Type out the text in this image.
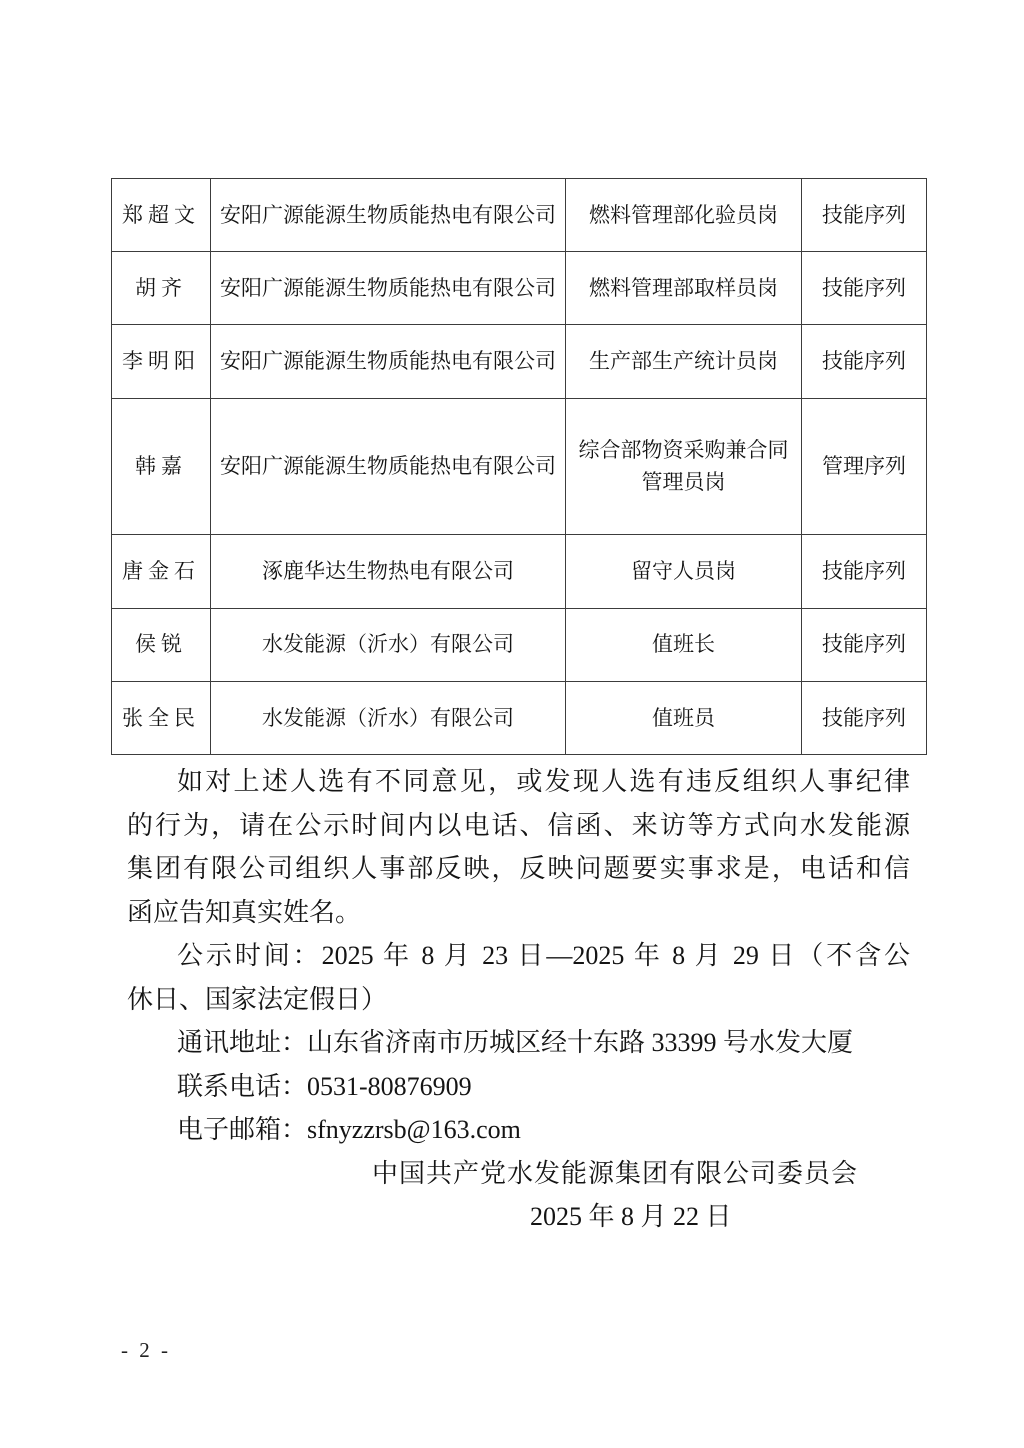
郑超文	安阳广源能源生物质能热电有限公司	燃料管理部化验员岗	技能序列
胡齐	安阳广源能源生物质能热电有限公司	燃料管理部取样员岗	技能序列
李明阳	安阳广源能源生物质能热电有限公司	生产部生产统计员岗	技能序列
韩嘉	安阳广源能源生物质能热电有限公司	综合部物资采购兼合同管理员岗	管理序列
唐金石	涿鹿华达生物热电有限公司	留守人员岗	技能序列
侯锐	水发能源（沂水）有限公司	值班长	技能序列
张全民	水发能源（沂水）有限公司	值班员	技能序列
如对上述人选有不同意见，或发现人选有违反组织人事纪律
的行为，请在公示时间内以电话、信函、来访等方式向水发能源
集团有限公司组织人事部反映，反映问题要实事求是，电话和信
函应告知真实姓名。
公示时间：2025 年 8 月 23 日—2025 年 8 月 29 日（不含公
休日、国家法定假日）
通讯地址：山东省济南市历城区经十东路 33399 号水发大厦
联系电话：0531-80876909
电子邮箱：sfnyzzrsb@163.com
中国共产党水发能源集团有限公司委员会
2025 年 8 月 22 日
- 2 -
